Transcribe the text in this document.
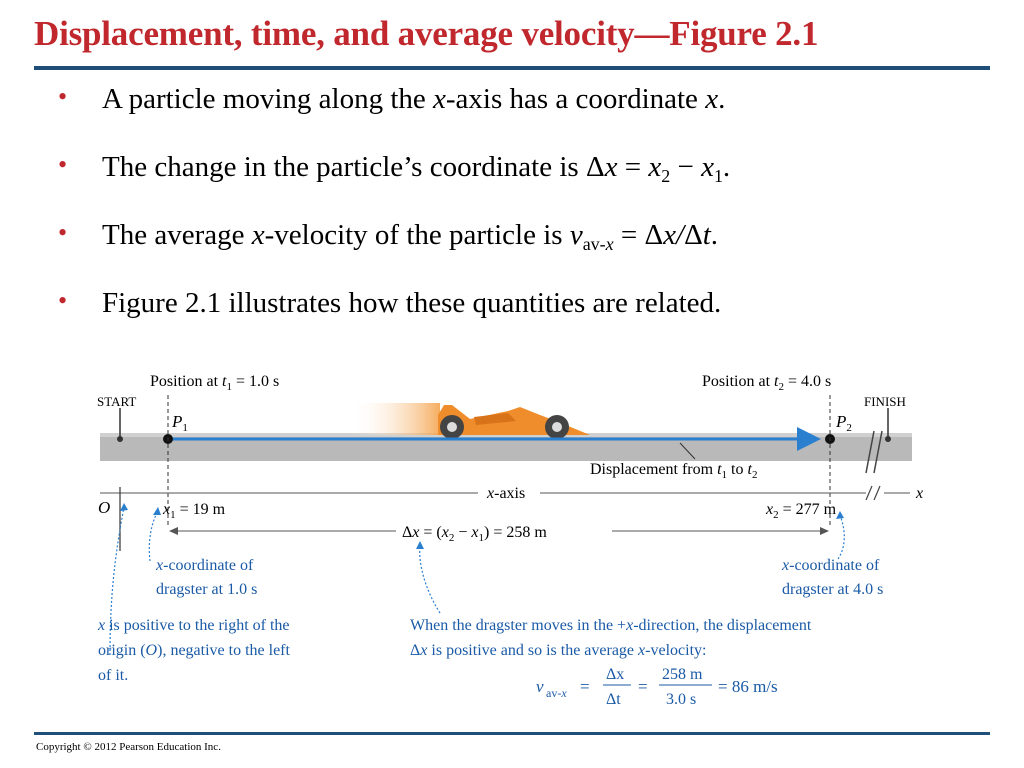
Displacement, time, and average velocity—Figure 2.1
• A particle moving along the x-axis has a coordinate x.
• The change in the particle’s coordinate is $\Delta x = x_2 - x_1$.
• The average x-velocity of the particle is $v_{av-x} = \Delta x/\Delta t$.
• Figure 2.1 illustrates how these quantities are related.
START	FINISH
Position at $t_1 = 1.0$ s	Position at $t_2 = 4.0$ s
$P_1$	$P_2$
Displacement from $t_1$ to $t_2$
x-axis	x
O	$x_1 = 19$ m	$x_2 = 277$ m
$\Delta x = (x_2 - x_1) = 258$ m
x-coordinate of dragster at 1.0 s
x-coordinate of dragster at 4.0 s
x is positive to the right of the origin (O), negative to the left of it.
When the dragster moves in the +x-direction, the displacement Δx is positive and so is the average x-velocity:
v av-x =
Δx
Δt
=
258 m
3.0 s
= 86 m/s
Copyright © 2012 Pearson Education Inc.
